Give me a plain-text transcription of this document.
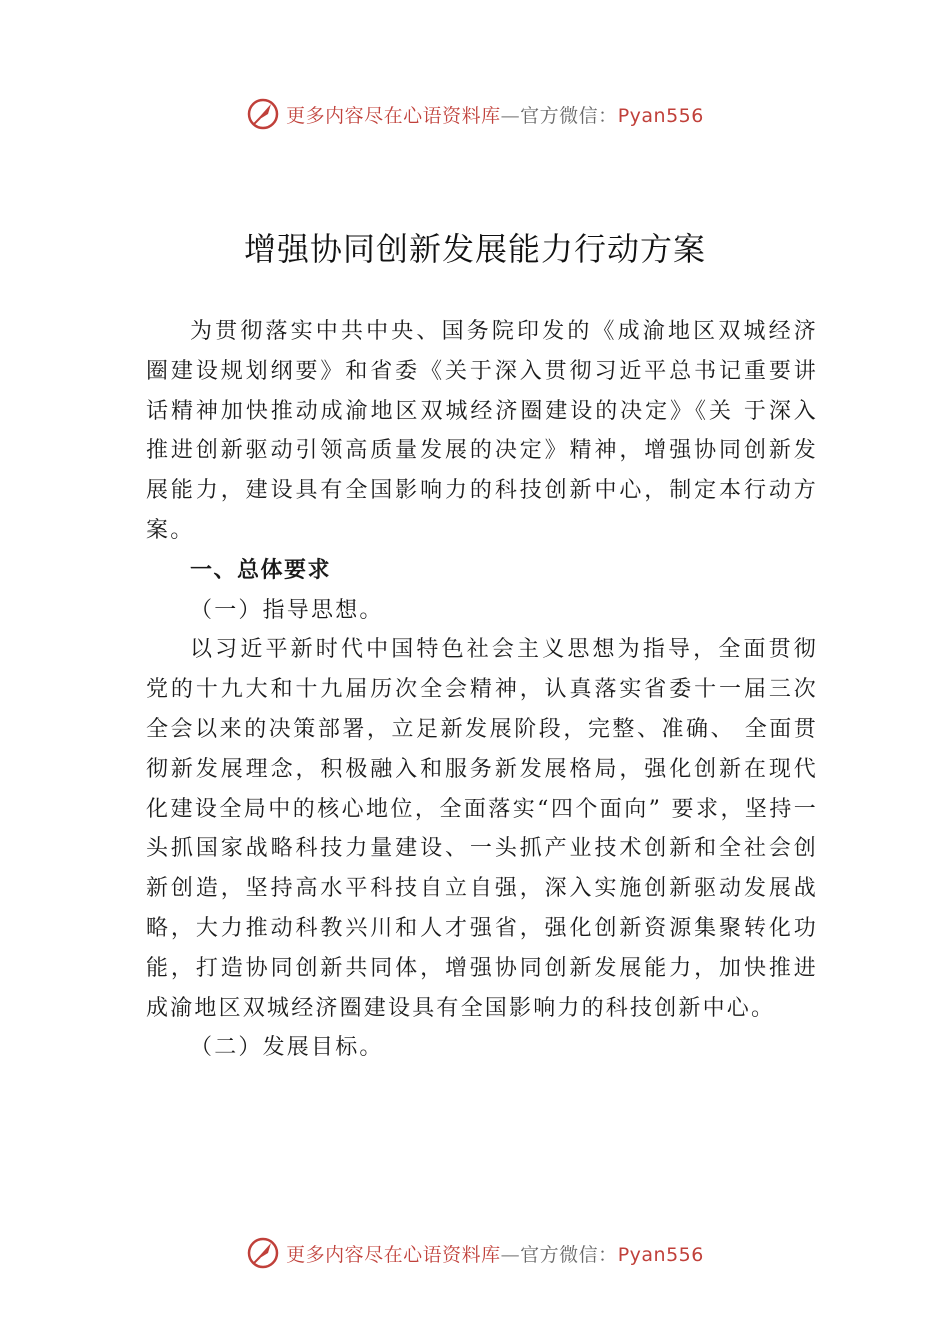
更多内容尽在心语资料库—官方微信：Pyan556
增强协同创新发展能力行动方案

为贯彻落实中共中央、国务院印发的《成渝地区双城经济圈建设规划纲要》和省委《关于深入贯彻习近平总书记重要讲话精神加快推动成渝地区双城经济圈建设的决定》《关 于深入推进创新驱动引领高质量发展的决定》精神，增强协同创新发展能力，建设具有全国影响力的科技创新中心，制定本行动方案。

一、总体要求

（一）指导思想。

以习近平新时代中国特色社会主义思想为指导，全面贯彻党的十九大和十九届历次全会精神，认真落实省委十一届三次全会以来的决策部署，立足新发展阶段，完整、准确、 全面贯彻新发展理念，积极融入和服务新发展格局，强化创新在现代化建设全局中的核心地位，全面落实“四个面向” 要求，坚持一头抓国家战略科技力量建设、一头抓产业技术创新和全社会创新创造，坚持高水平科技自立自强，深入实施创新驱动发展战略，大力推动科教兴川和人才强省，强化创新资源集聚转化功能，打造协同创新共同体，增强协同创新发展能力，加快推进成渝地区双城经济圈建设具有全国影响力的科技创新中心。

（二）发展目标。

更多内容尽在心语资料库—官方微信：Pyan556
